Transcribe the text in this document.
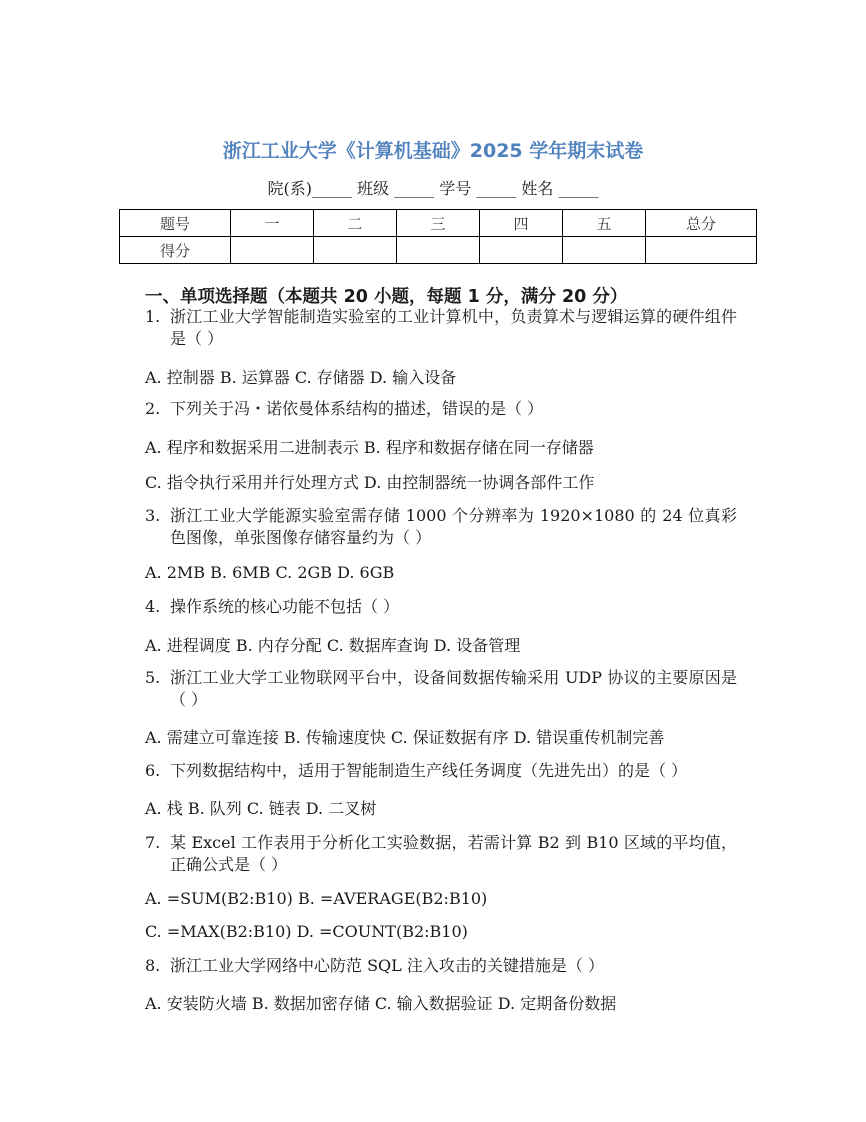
浙江工业大学《计算机基础》2025 学年期末试卷
院(系)_____ 班级 _____ 学号 _____ 姓名 _____
题号	一	二	三	四	五	总分
得分						
一、单项选择题（本题共 20 小题，每题 1 分，满分 20 分）
1. 浙江工业大学智能制造实验室的工业计算机中，负责算术与逻辑运算的硬件组件是（ ）
A. 控制器 B. 运算器 C. 存储器 D. 输入设备
2. 下列关于冯・诺依曼体系结构的描述，错误的是（ ）
A. 程序和数据采用二进制表示 B. 程序和数据存储在同一存储器
C. 指令执行采用并行处理方式 D. 由控制器统一协调各部件工作
3. 浙江工业大学能源实验室需存储 1000 个分辨率为 1920×1080 的 24 位真彩色图像，单张图像存储容量约为（ ）
A. 2MB B. 6MB C. 2GB D. 6GB
4. 操作系统的核心功能不包括（ ）
A. 进程调度 B. 内存分配 C. 数据库查询 D. 设备管理
5. 浙江工业大学工业物联网平台中，设备间数据传输采用 UDP 协议的主要原因是（ ）
A. 需建立可靠连接 B. 传输速度快 C. 保证数据有序 D. 错误重传机制完善
6. 下列数据结构中，适用于智能制造生产线任务调度（先进先出）的是（ ）
A. 栈 B. 队列 C. 链表 D. 二叉树
7. 某 Excel 工作表用于分析化工实验数据，若需计算 B2 到 B10 区域的平均值，正确公式是（ ）
A. =SUM(B2:B10) B. =AVERAGE(B2:B10)
C. =MAX(B2:B10) D. =COUNT(B2:B10)
8. 浙江工业大学网络中心防范 SQL 注入攻击的关键措施是（ ）
A. 安装防火墙 B. 数据加密存储 C. 输入数据验证 D. 定期备份数据
